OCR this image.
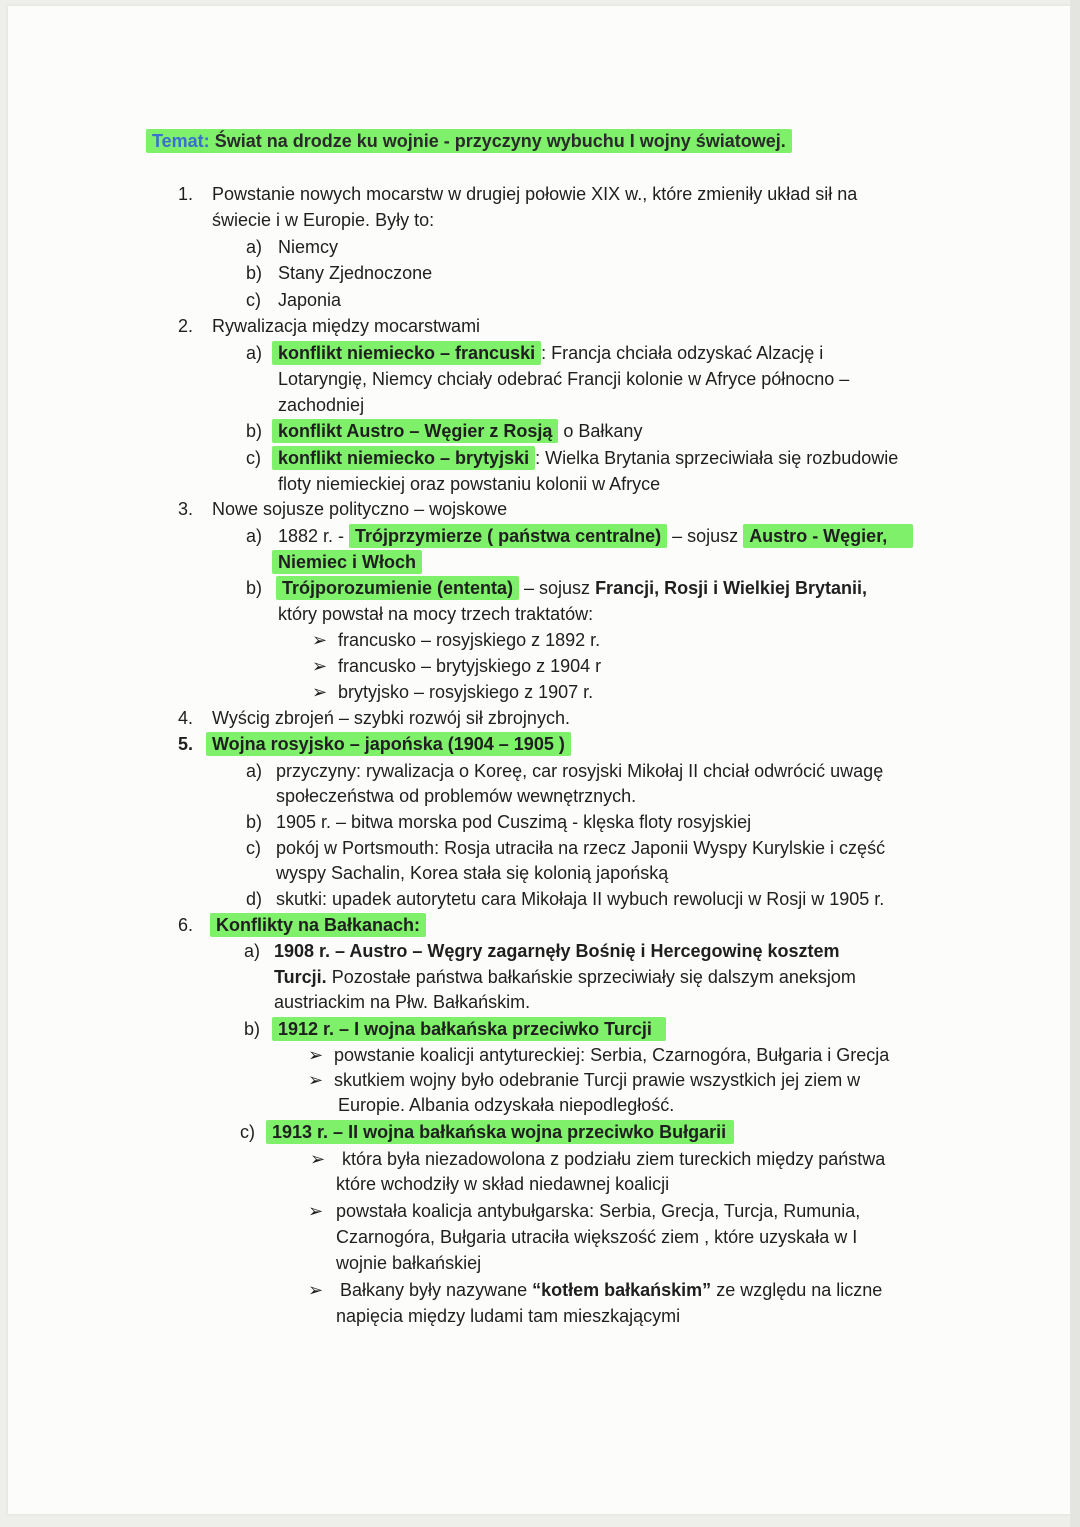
Temat: Świat na drodze ku wojnie - przyczyny wybuchu I wojny światowej.
1. Powstanie nowych mocarstw w drugiej połowie XIX w., które zmieniły układ sił na
świecie i w Europie. Były to:
a) Niemcy
b) Stany Zjednoczone
c) Japonia
2. Rywalizacja między mocarstwami
a) konflikt niemiecko – francuski : Francja chciała odzyskać Alzację i
Lotaryngię, Niemcy chciały odebrać Francji kolonie w Afryce północno –
zachodniej
b) konflikt Austro – Węgier z Rosją o Bałkany
c) konflikt niemiecko – brytyjski : Wielka Brytania sprzeciwiała się rozbudowie
floty niemieckiej oraz powstaniu kolonii w Afryce
3. Nowe sojusze polityczno – wojskowe
a) 1882 r. - Trójprzymierze ( państwa centralne) – sojusz Austro - Węgier,
Niemiec i Włoch
b) Trójporozumienie (ententa) – sojusz Francji, Rosji i Wielkiej Brytanii,
który powstał na mocy trzech traktatów:
➢ francusko – rosyjskiego z 1892 r.
➢ francusko – brytyjskiego z 1904 r
➢ brytyjsko – rosyjskiego z 1907 r.
4. Wyścig zbrojeń – szybki rozwój sił zbrojnych.
5. Wojna rosyjsko – japońska (1904 – 1905 )
a) przyczyny: rywalizacja o Koreę, car rosyjski Mikołaj II chciał odwrócić uwagę
społeczeństwa od problemów wewnętrznych.
b) 1905 r. – bitwa morska pod Cuszimą - klęska floty rosyjskiej
c) pokój w Portsmouth: Rosja utraciła na rzecz Japonii Wyspy Kurylskie i część
wyspy Sachalin, Korea stała się kolonią japońską
d) skutki: upadek autorytetu cara Mikołaja II wybuch rewolucji w Rosji w 1905 r.
6. Konflikty na Bałkanach:
a) 1908 r. – Austro – Węgry zagarnęły Bośnię i Hercegowinę kosztem
Turcji. Pozostałe państwa bałkańskie sprzeciwiały się dalszym aneksjom
austriackim na Płw. Bałkańskim.
b) 1912 r. – I wojna bałkańska przeciwko Turcji
➢ powstanie koalicji antytureckiej: Serbia, Czarnogóra, Bułgaria i Grecja
➢ skutkiem wojny było odebranie Turcji prawie wszystkich jej ziem w
Europie. Albania odzyskała niepodległość.
c) 1913 r. – II wojna bałkańska wojna przeciwko Bułgarii
➢ która była niezadowolona z podziału ziem tureckich między państwa
które wchodziły w skład niedawnej koalicji
➢ powstała koalicja antybułgarska: Serbia, Grecja, Turcja, Rumunia,
Czarnogóra, Bułgaria utraciła większość ziem , które uzyskała w I
wojnie bałkańskiej
➢ Bałkany były nazywane “kotłem bałkańskim” ze względu na liczne
napięcia między ludami tam mieszkającymi
